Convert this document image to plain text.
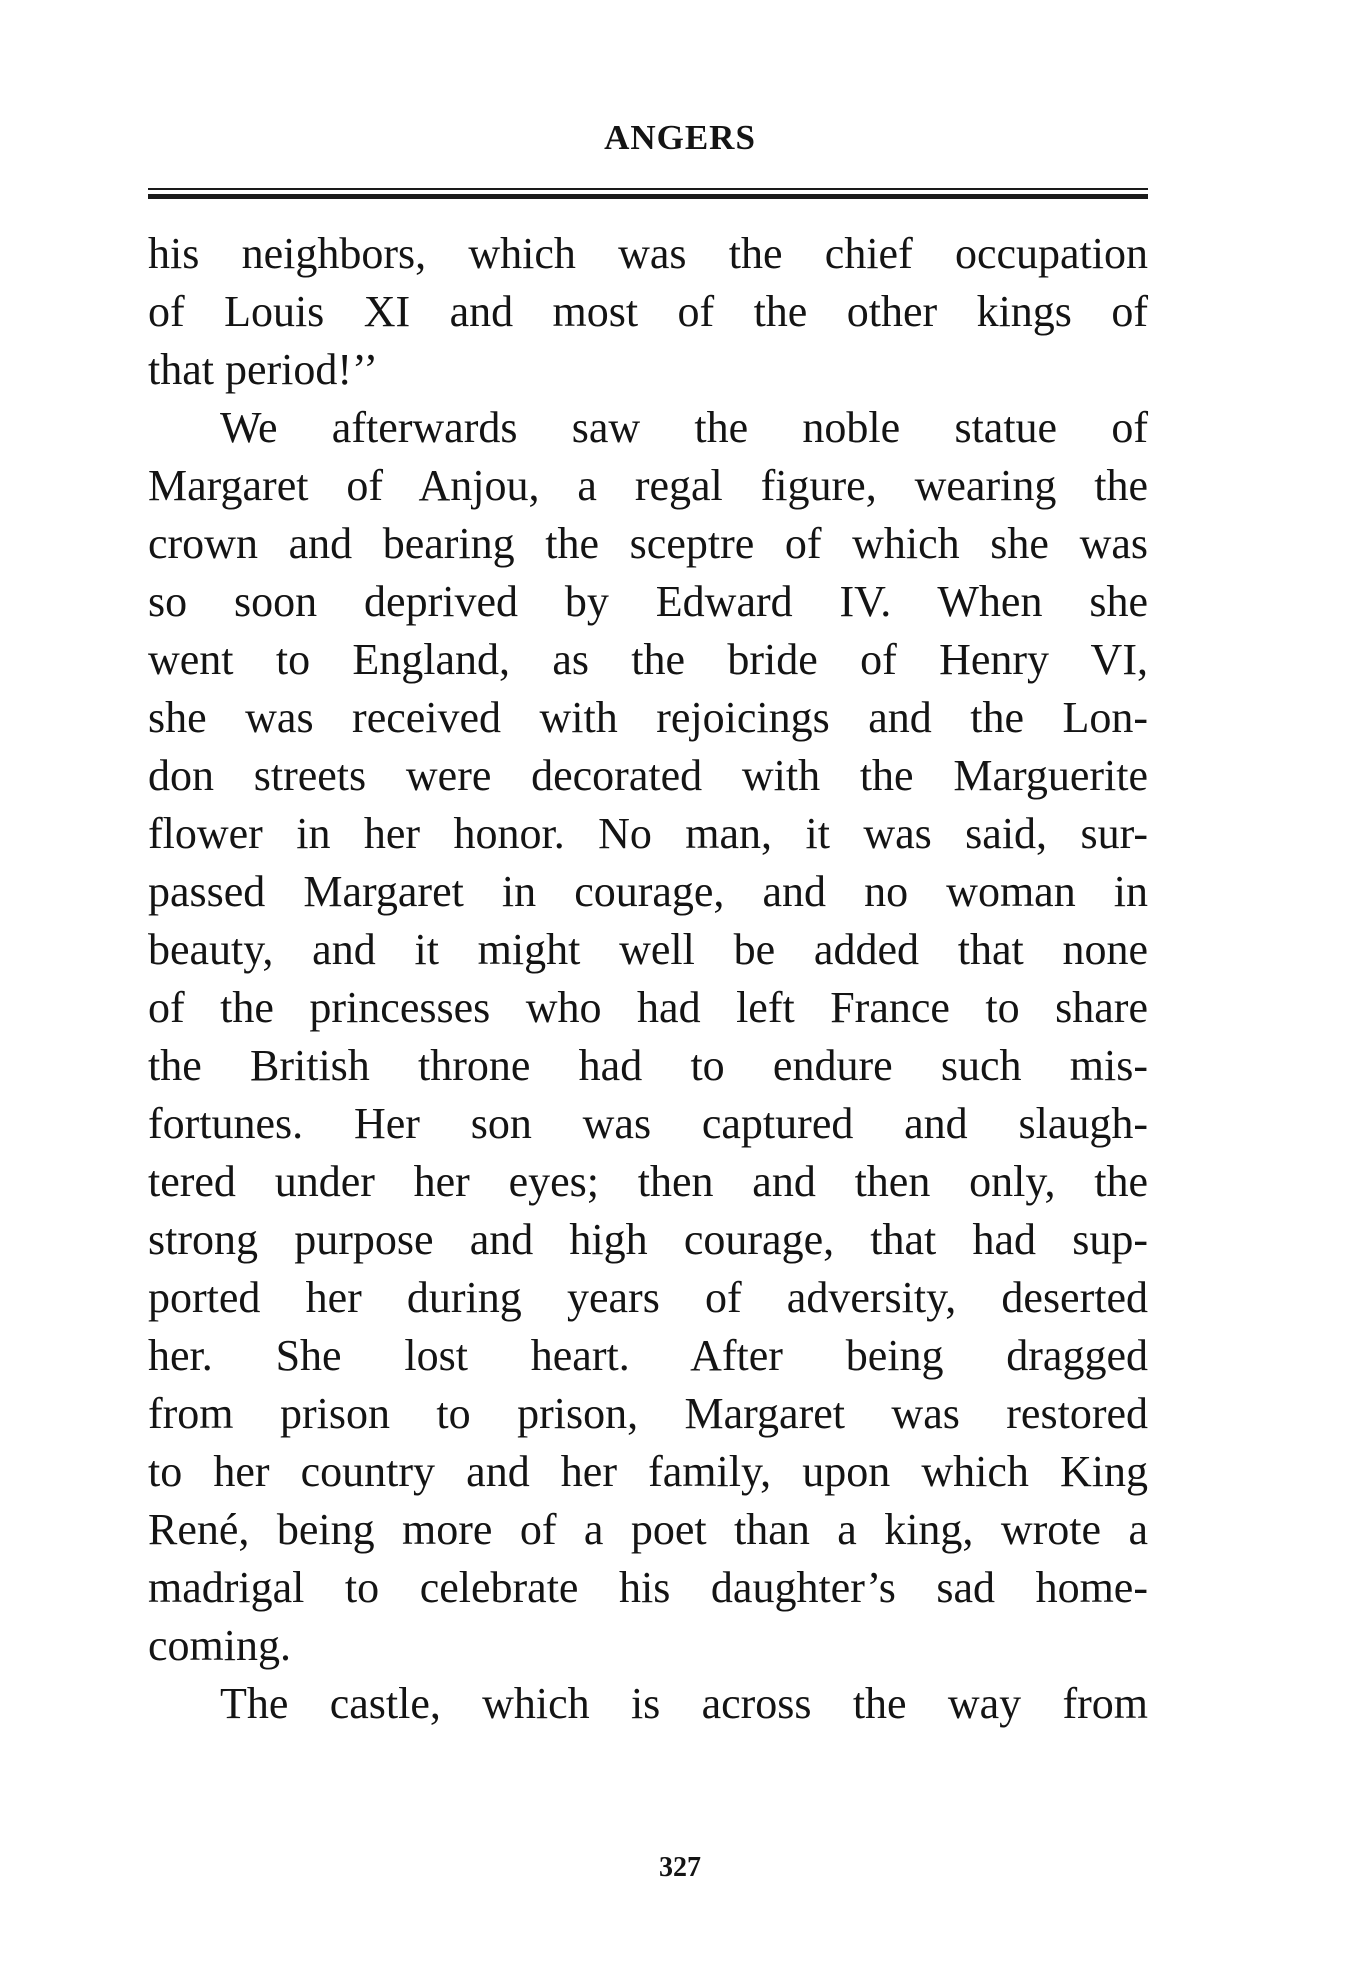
ANGERS
his neighbors, which was the chief occupation
of Louis XI and most of the other kings of
that period!’’
We afterwards saw the noble statue of
Margaret of Anjou, a regal figure, wearing the
crown and bearing the sceptre of which she was
so soon deprived by Edward IV. When she
went to England, as the bride of Henry VI,
she was received with rejoicings and the Lon-
don streets were decorated with the Marguerite
flower in her honor. No man, it was said, sur-
passed Margaret in courage, and no woman in
beauty, and it might well be added that none
of the princesses who had left France to share
the British throne had to endure such mis-
fortunes. Her son was captured and slaugh-
tered under her eyes; then and then only, the
strong purpose and high courage, that had sup-
ported her during years of adversity, deserted
her. She lost heart. After being dragged
from prison to prison, Margaret was restored
to her country and her family, upon which King
René, being more of a poet than a king, wrote a
madrigal to celebrate his daughter’s sad home-
coming.
The castle, which is across the way from
327
